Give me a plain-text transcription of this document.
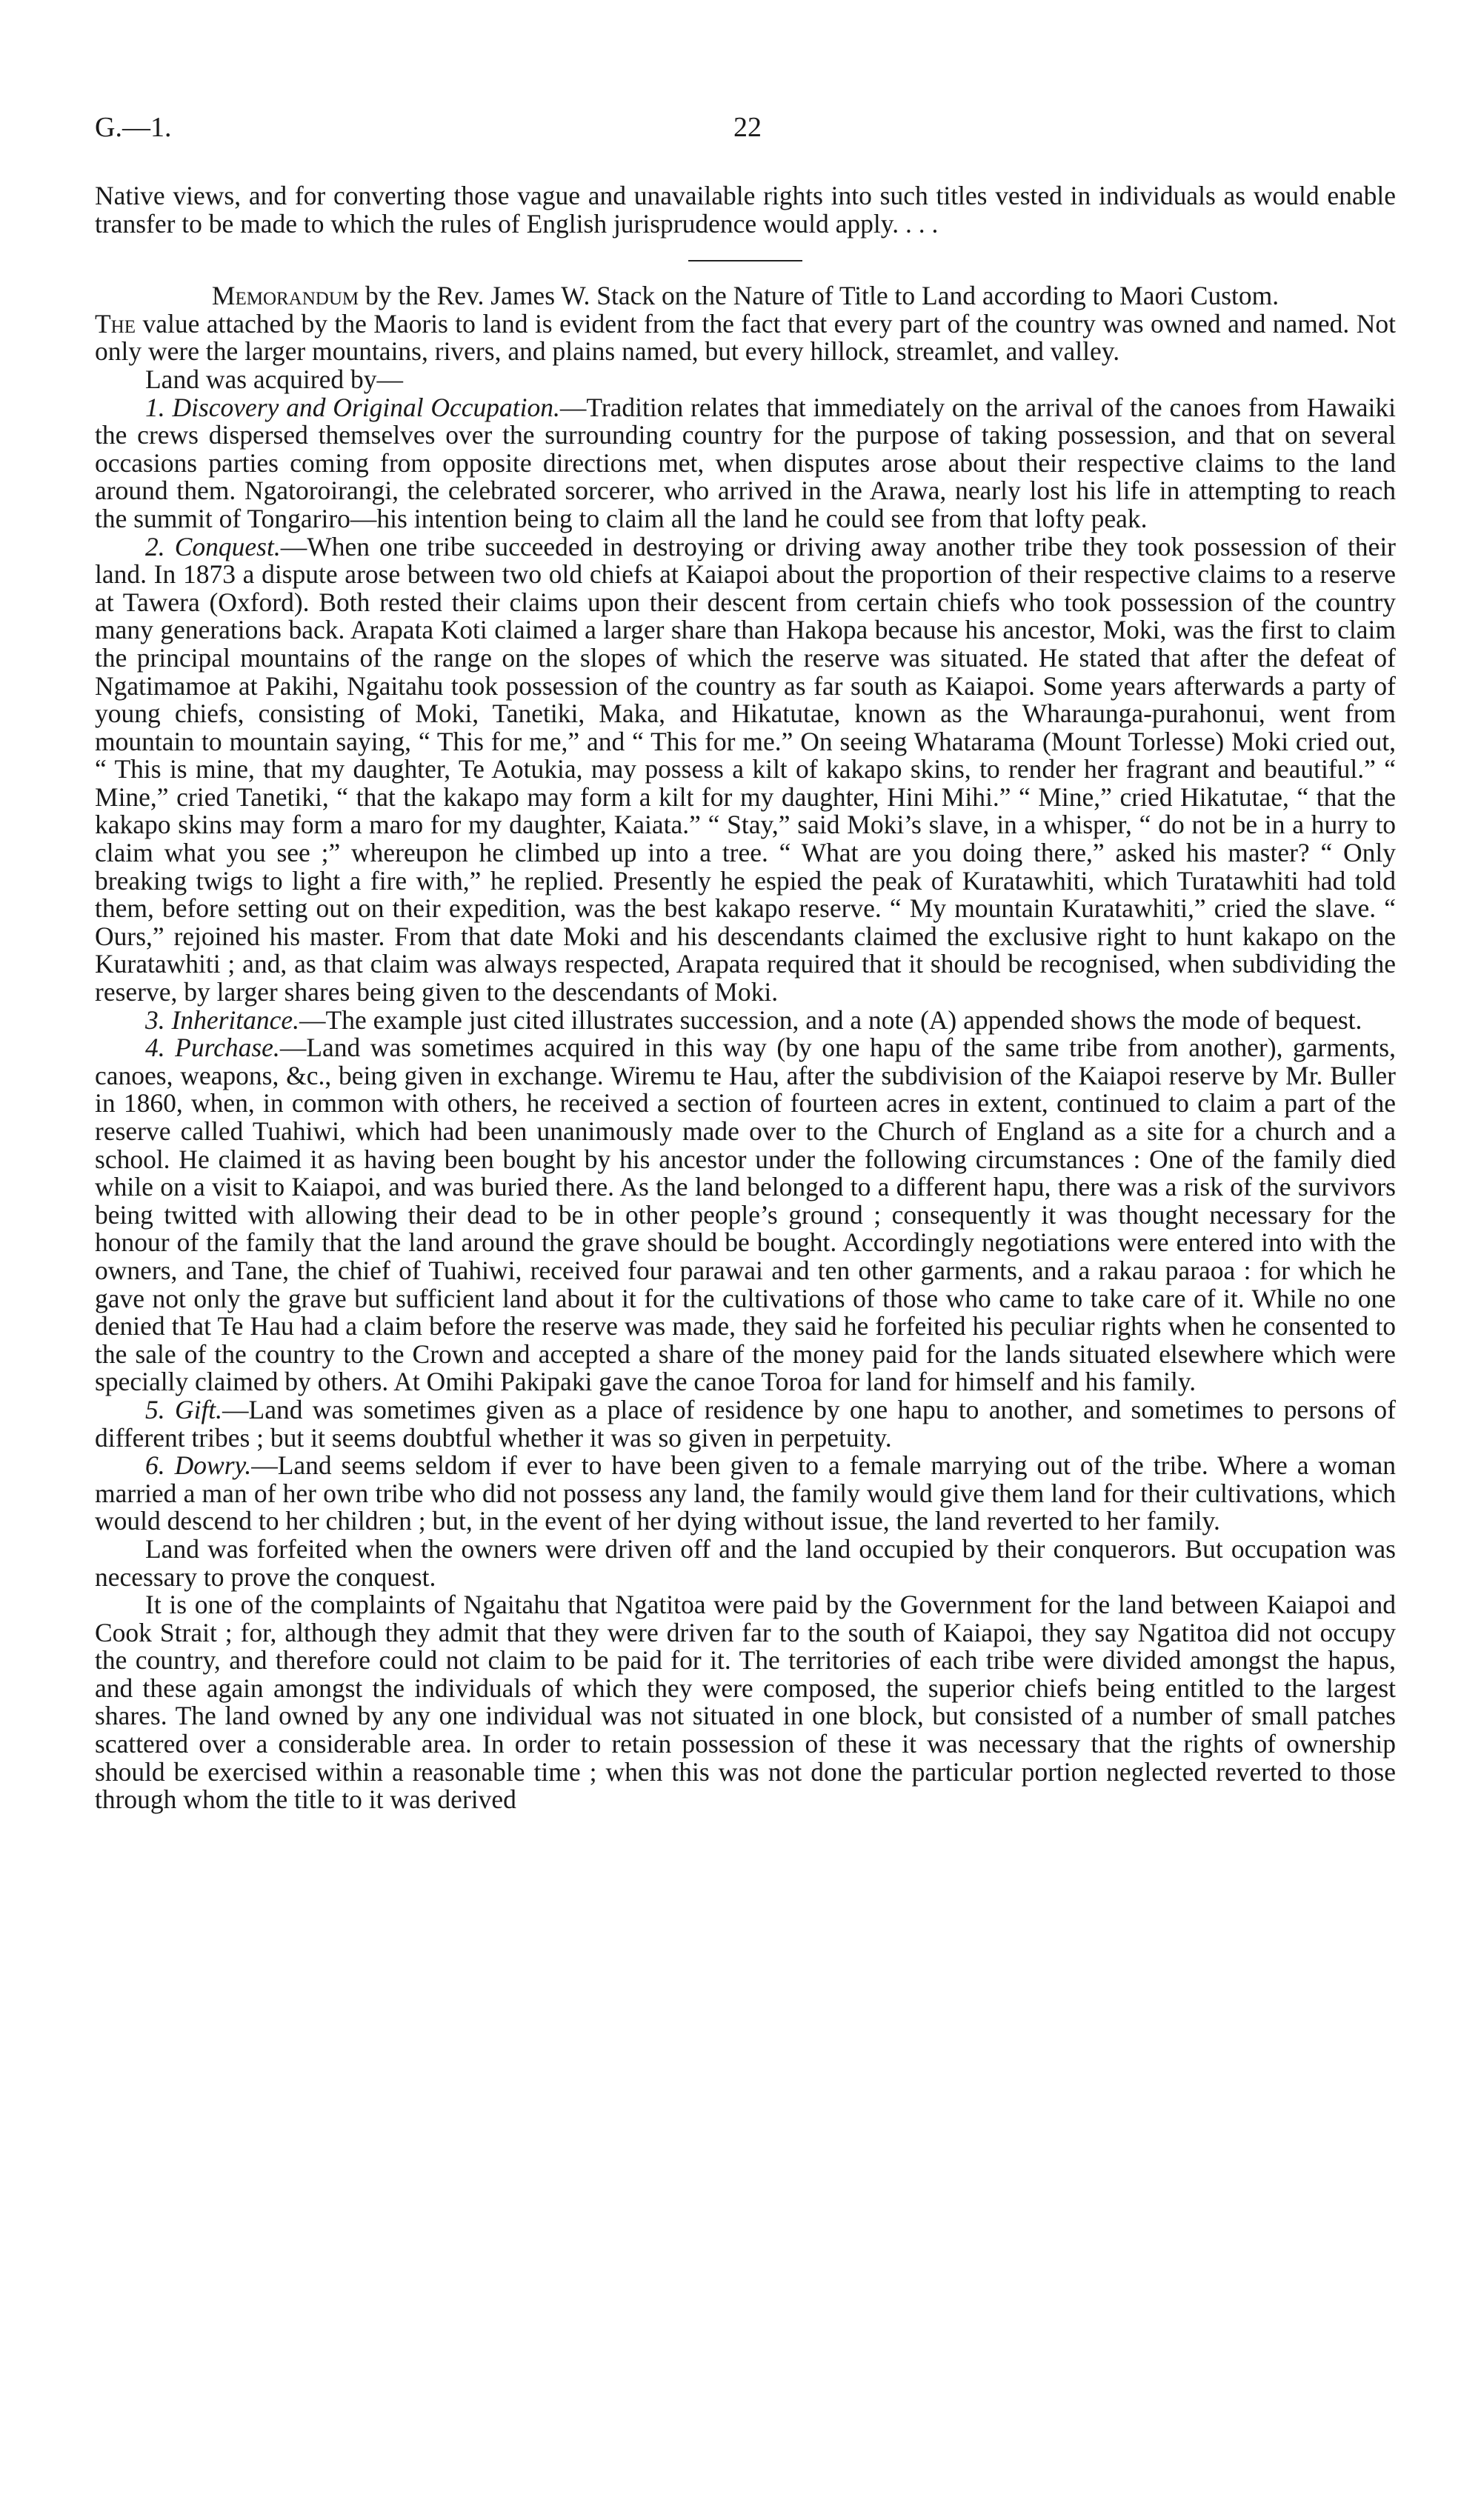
G.—1.	22

Native views, and for converting those vague and unavailable rights into such titles vested in individuals as would enable transfer to be made to which the rules of English jurisprudence would apply. . . .

Memorandum by the Rev. James W. Stack on the Nature of Title to Land according to Maori Custom.

The value attached by the Maoris to land is evident from the fact that every part of the country was owned and named. Not only were the larger mountains, rivers, and plains named, but every hillock, streamlet, and valley.

Land was acquired by—

1. Discovery and Original Occupation.—Tradition relates that immediately on the arrival of the canoes from Hawaiki the crews dispersed themselves over the surrounding country for the purpose of taking possession, and that on several occasions parties coming from opposite directions met, when disputes arose about their respective claims to the land around them. Ngatoroirangi, the celebrated sorcerer, who arrived in the Arawa, nearly lost his life in attempting to reach the summit of Tongariro—his intention being to claim all the land he could see from that lofty peak.

2. Conquest.—When one tribe succeeded in destroying or driving away another tribe they took possession of their land. In 1873 a dispute arose between two old chiefs at Kaiapoi about the proportion of their respective claims to a reserve at Tawera (Oxford). Both rested their claims upon their descent from certain chiefs who took possession of the country many generations back. Arapata Koti claimed a larger share than Hakopa because his ancestor, Moki, was the first to claim the principal mountains of the range on the slopes of which the reserve was situated. He stated that after the defeat of Ngatimamoe at Pakihi, Ngaitahu took possession of the country as far south as Kaiapoi. Some years afterwards a party of young chiefs, consisting of Moki, Tanetiki, Maka, and Hikatutae, known as the Wharaunga-purahonui, went from mountain to mountain saying, “ This for me,” and “ This for me.” On seeing Whatarama (Mount Torlesse) Moki cried out, “ This is mine, that my daughter, Te Aotukia, may possess a kilt of kakapo skins, to render her fragrant and beautiful.” “ Mine,” cried Tanetiki, “ that the kakapo may form a kilt for my daughter, Hini Mihi.” “ Mine,” cried Hikatutae, “ that the kakapo skins may form a maro for my daughter, Kaiata.” “ Stay,” said Moki’s slave, in a whisper, “ do not be in a hurry to claim what you see ;” whereupon he climbed up into a tree. “ What are you doing there,” asked his master? “ Only breaking twigs to light a fire with,” he replied. Presently he espied the peak of Kuratawhiti, which Turatawhiti had told them, before setting out on their expedition, was the best kakapo reserve. “ My mountain Kuratawhiti,” cried the slave. “ Ours,” rejoined his master. From that date Moki and his descendants claimed the exclusive right to hunt kakapo on the Kuratawhiti ; and, as that claim was always respected, Arapata required that it should be recognised, when subdividing the reserve, by larger shares being given to the descendants of Moki.

3. Inheritance.—The example just cited illustrates succession, and a note (A) appended shows the mode of bequest.

4. Purchase.—Land was sometimes acquired in this way (by one hapu of the same tribe from another), garments, canoes, weapons, &c., being given in exchange. Wiremu te Hau, after the subdivision of the Kaiapoi reserve by Mr. Buller in 1860, when, in common with others, he received a section of fourteen acres in extent, continued to claim a part of the reserve called Tuahiwi, which had been unanimously made over to the Church of England as a site for a church and a school. He claimed it as having been bought by his ancestor under the following circumstances : One of the family died while on a visit to Kaiapoi, and was buried there. As the land belonged to a different hapu, there was a risk of the survivors being twitted with allowing their dead to be in other people’s ground ; consequently it was thought necessary for the honour of the family that the land around the grave should be bought. Accordingly negotiations were entered into with the owners, and Tane, the chief of Tuahiwi, received four parawai and ten other garments, and a rakau paraoa : for which he gave not only the grave but sufficient land about it for the cultivations of those who came to take care of it. While no one denied that Te Hau had a claim before the reserve was made, they said he forfeited his peculiar rights when he consented to the sale of the country to the Crown and accepted a share of the money paid for the lands situated elsewhere which were specially claimed by others. At Omihi Pakipaki gave the canoe Toroa for land for himself and his family.

5. Gift.—Land was sometimes given as a place of residence by one hapu to another, and sometimes to persons of different tribes ; but it seems doubtful whether it was so given in perpetuity.

6. Dowry.—Land seems seldom if ever to have been given to a female marrying out of the tribe. Where a woman married a man of her own tribe who did not possess any land, the family would give them land for their cultivations, which would descend to her children ; but, in the event of her dying without issue, the land reverted to her family.

Land was forfeited when the owners were driven off and the land occupied by their conquerors. But occupation was necessary to prove the conquest.

It is one of the complaints of Ngaitahu that Ngatitoa were paid by the Government for the land between Kaiapoi and Cook Strait ; for, although they admit that they were driven far to the south of Kaiapoi, they say Ngatitoa did not occupy the country, and therefore could not claim to be paid for it. The territories of each tribe were divided amongst the hapus, and these again amongst the individuals of which they were composed, the superior chiefs being entitled to the largest shares. The land owned by any one individual was not situated in one block, but consisted of a number of small patches scattered over a considerable area. In order to retain possession of these it was necessary that the rights of ownership should be exercised within a reasonable time ; when this was not done the particular portion neglected reverted to those through whom the title to it was derived
